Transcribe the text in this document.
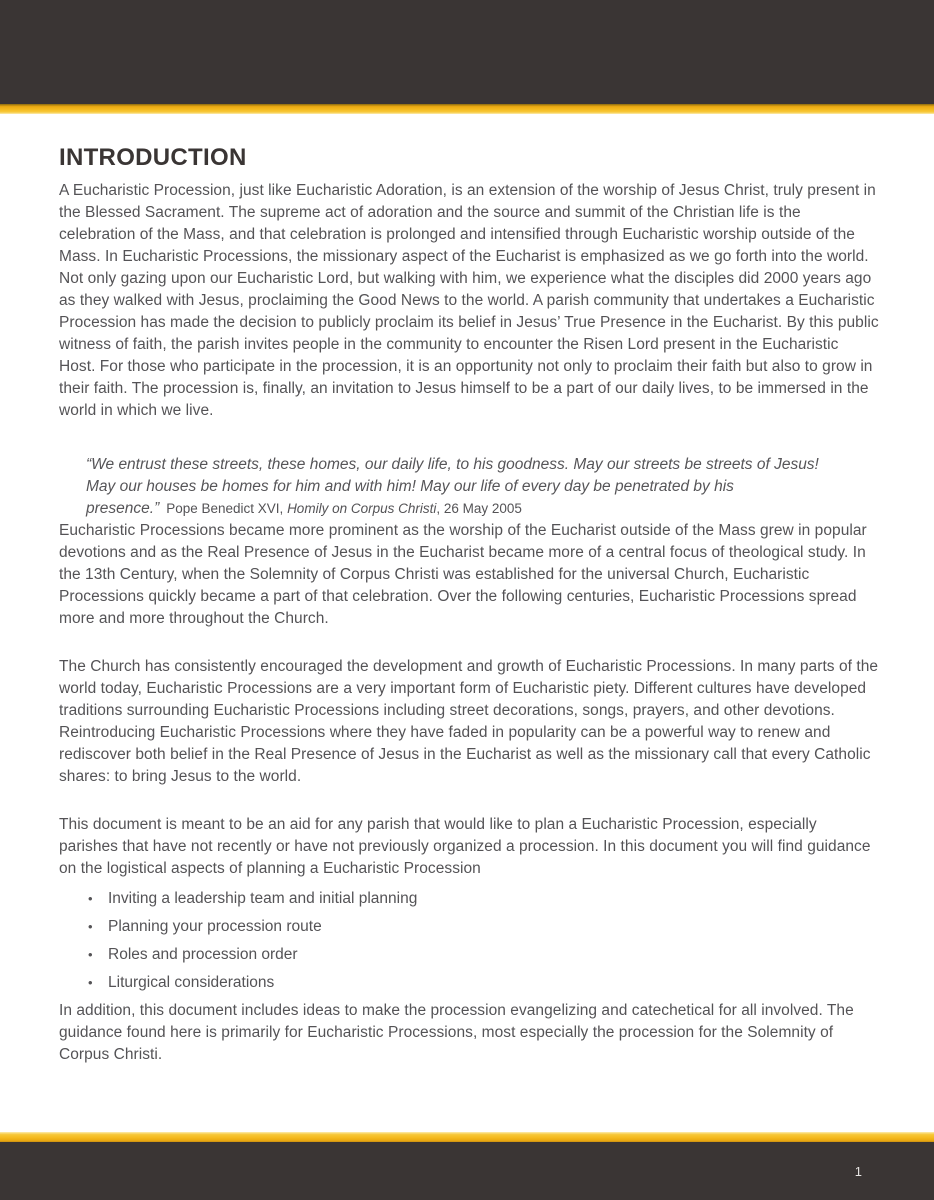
INTRODUCTION

A Eucharistic Procession, just like Eucharistic Adoration, is an extension of the worship of Jesus Christ, truly present in the Blessed Sacrament. The supreme act of adoration and the source and summit of the Christian life is the celebration of the Mass, and that celebration is prolonged and intensified through Eucharistic worship outside of the Mass. In Eucharistic Processions, the missionary aspect of the Eucharist is emphasized as we go forth into the world. Not only gazing upon our Eucharistic Lord, but walking with him, we experience what the disciples did 2000 years ago as they walked with Jesus, proclaiming the Good News to the world. A parish community that undertakes a Eucharistic Procession has made the decision to publicly proclaim its belief in Jesus’ True Presence in the Eucharist. By this public witness of faith, the parish invites people in the community to encounter the Risen Lord present in the Eucharistic Host. For those who participate in the procession, it is an opportunity not only to proclaim their faith but also to grow in their faith. The procession is, finally, an invitation to Jesus himself to be a part of our daily lives, to be immersed in the world in which we live.

“We entrust these streets, these homes, our daily life, to his goodness. May our streets be streets of Jesus! May our houses be homes for him and with him! May our life of every day be penetrated by his presence.” Pope Benedict XVI, Homily on Corpus Christi, 26 May 2005

Eucharistic Processions became more prominent as the worship of the Eucharist outside of the Mass grew in popular devotions and as the Real Presence of Jesus in the Eucharist became more of a central focus of theological study. In the 13th Century, when the Solemnity of Corpus Christi was established for the universal Church, Eucharistic Processions quickly became a part of that celebration. Over the following centuries, Eucharistic Processions spread more and more throughout the Church.

The Church has consistently encouraged the development and growth of Eucharistic Processions. In many parts of the world today, Eucharistic Processions are a very important form of Eucharistic piety. Different cultures have developed traditions surrounding Eucharistic Processions including street decorations, songs, prayers, and other devotions. Reintroducing Eucharistic Processions where they have faded in popularity can be a powerful way to renew and rediscover both belief in the Real Presence of Jesus in the Eucharist as well as the missionary call that every Catholic shares: to bring Jesus to the world.

This document is meant to be an aid for any parish that would like to plan a Eucharistic Procession, especially parishes that have not recently or have not previously organized a procession. In this document you will find guidance on the logistical aspects of planning a Eucharistic Procession

• Inviting a leadership team and initial planning
• Planning your procession route
• Roles and procession order
• Liturgical considerations

In addition, this document includes ideas to make the procession evangelizing and catechetical for all involved. The guidance found here is primarily for Eucharistic Processions, most especially the procession for the Solemnity of Corpus Christi.

1
